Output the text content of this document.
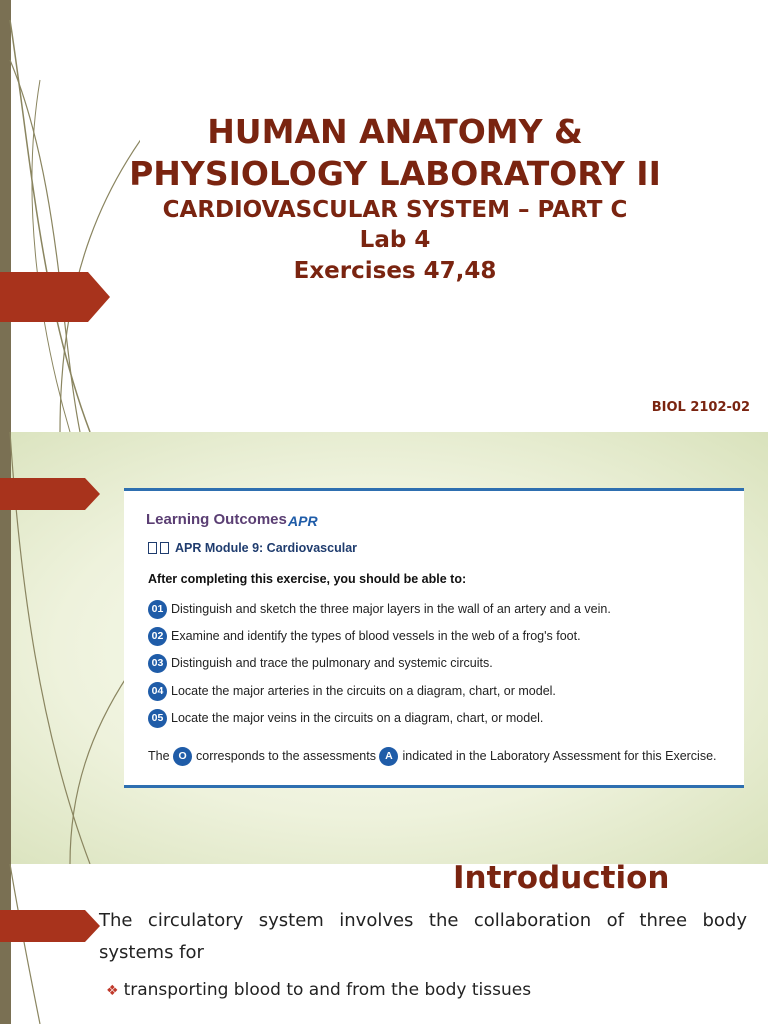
HUMAN ANATOMY &
PHYSIOLOGY LABORATORY II
CARDIOVASCULAR SYSTEM – PART C
Lab 4
Exercises 47,48
BIOL 2102-02
Learning Outcomes APR
APR Module 9: Cardiovascular
After completing this exercise, you should be able to:
01 Distinguish and sketch the three major layers in the wall of an artery and a vein.
02 Examine and identify the types of blood vessels in the web of a frog's foot.
03 Distinguish and trace the pulmonary and systemic circuits.
04 Locate the major arteries in the circuits on a diagram, chart, or model.
05 Locate the major veins in the circuits on a diagram, chart, or model.
The O corresponds to the assessments A indicated in the Laboratory Assessment for this Exercise.
Introduction
The circulatory system involves the collaboration of three body
systems for
❖ transporting blood to and from the body tissues
